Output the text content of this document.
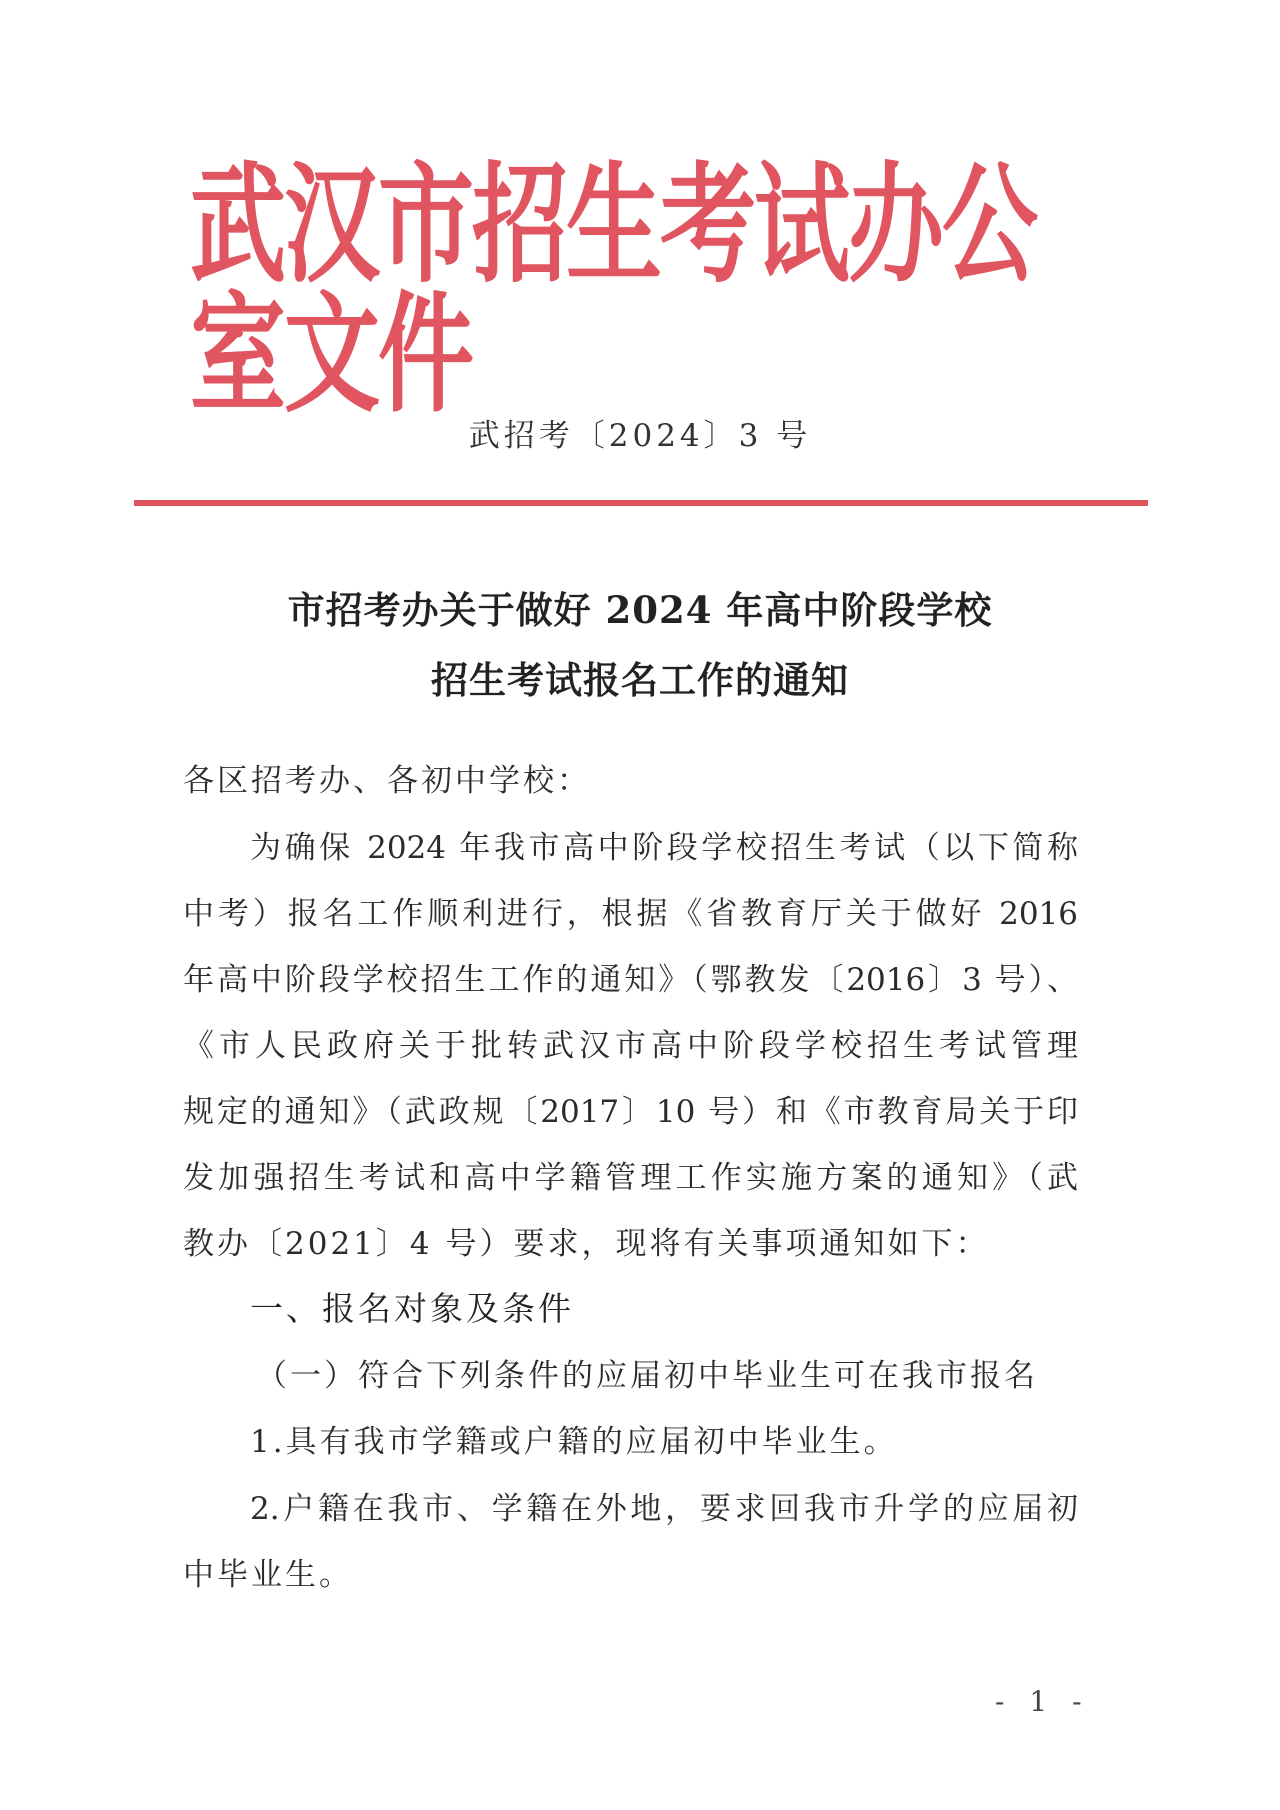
武汉市招生考试办公室文件
武招考〔2024〕3 号
市招考办关于做好 2024 年高中阶段学校
招生考试报名工作的通知
各区招考办、各初中学校：
为确保 2024 年我市高中阶段学校招生考试（以下简称
中考）报名工作顺利进行，根据《省教育厅关于做好 2016
年高中阶段学校招生工作的通知》（鄂教发〔2016〕3 号）、
《市人民政府关于批转武汉市高中阶段学校招生考试管理
规定的通知》（武政规〔2017〕10 号）和《市教育局关于印
发加强招生考试和高中学籍管理工作实施方案的通知》（武
教办〔2021〕4 号）要求，现将有关事项通知如下：
一、报名对象及条件
（一）符合下列条件的应届初中毕业生可在我市报名
1.具有我市学籍或户籍的应届初中毕业生。
2.户籍在我市、学籍在外地，要求回我市升学的应届初
中毕业生。
- 1 -
